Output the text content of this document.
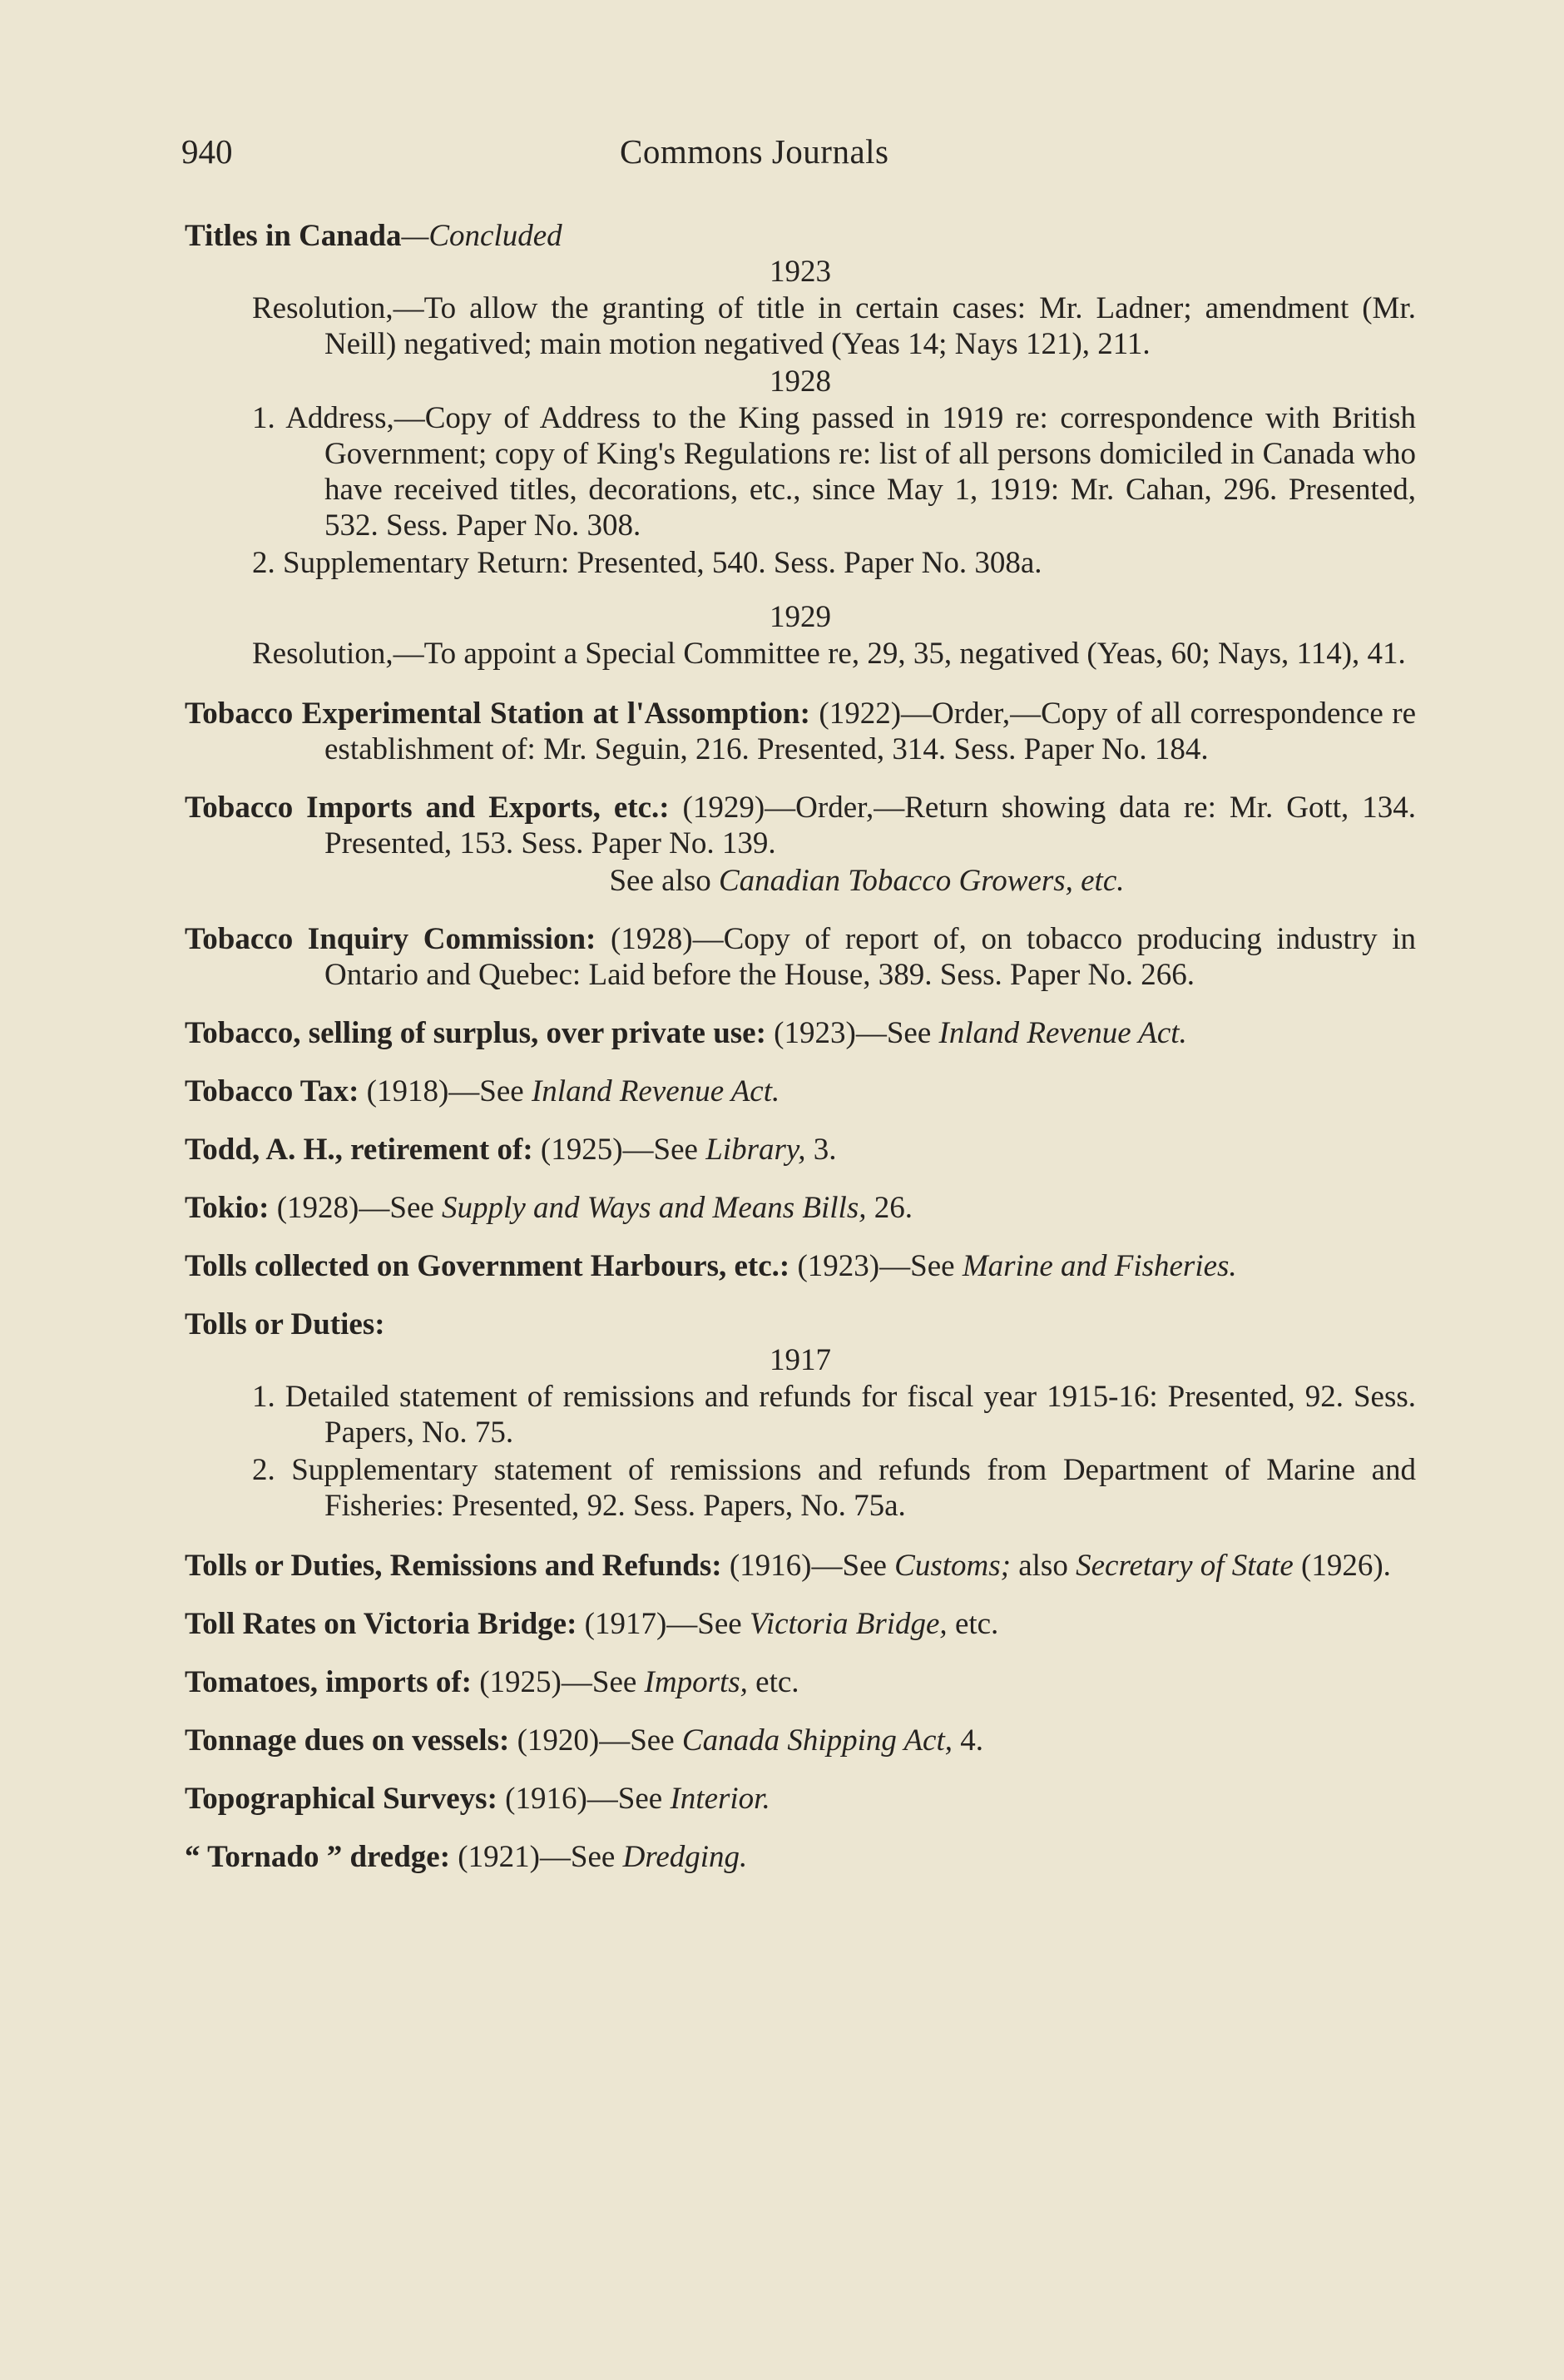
940	Commons Journals
Titles in Canada—Concluded
1923
Resolution,—To allow the granting of title in certain cases: Mr. Ladner; amendment (Mr. Neill) negatived; main motion negatived (Yeas 14; Nays 121), 211.
1928
1. Address,—Copy of Address to the King passed in 1919 re: correspondence with British Government; copy of King's Regulations re: list of all persons domiciled in Canada who have received titles, decorations, etc., since May 1, 1919: Mr. Cahan, 296. Presented, 532. Sess. Paper No. 308.
2. Supplementary Return: Presented, 540. Sess. Paper No. 308a.
1929
Resolution,—To appoint a Special Committee re, 29, 35, negatived (Yeas, 60; Nays, 114), 41.
Tobacco Experimental Station at l'Assomption: (1922)—Order,—Copy of all correspondence re establishment of: Mr. Seguin, 216. Presented, 314. Sess. Paper No. 184.
Tobacco Imports and Exports, etc.: (1929)—Order,—Return showing data re: Mr. Gott, 134. Presented, 153. Sess. Paper No. 139.
See also Canadian Tobacco Growers, etc.
Tobacco Inquiry Commission: (1928)—Copy of report of, on tobacco producing industry in Ontario and Quebec: Laid before the House, 389. Sess. Paper No. 266.
Tobacco, selling of surplus, over private use: (1923)—See Inland Revenue Act.
Tobacco Tax: (1918)—See Inland Revenue Act.
Todd, A. H., retirement of: (1925)—See Library, 3.
Tokio: (1928)—See Supply and Ways and Means Bills, 26.
Tolls collected on Government Harbours, etc.: (1923)—See Marine and Fisheries.
Tolls or Duties:
1917
1. Detailed statement of remissions and refunds for fiscal year 1915-16: Presented, 92. Sess. Papers, No. 75.
2. Supplementary statement of remissions and refunds from Department of Marine and Fisheries: Presented, 92. Sess. Papers, No. 75a.
Tolls or Duties, Remissions and Refunds: (1916)—See Customs; also Secretary of State (1926).
Toll Rates on Victoria Bridge: (1917)—See Victoria Bridge, etc.
Tomatoes, imports of: (1925)—See Imports, etc.
Tonnage dues on vessels: (1920)—See Canada Shipping Act, 4.
Topographical Surveys: (1916)—See Interior.
“ Tornado ” dredge: (1921)—See Dredging.
